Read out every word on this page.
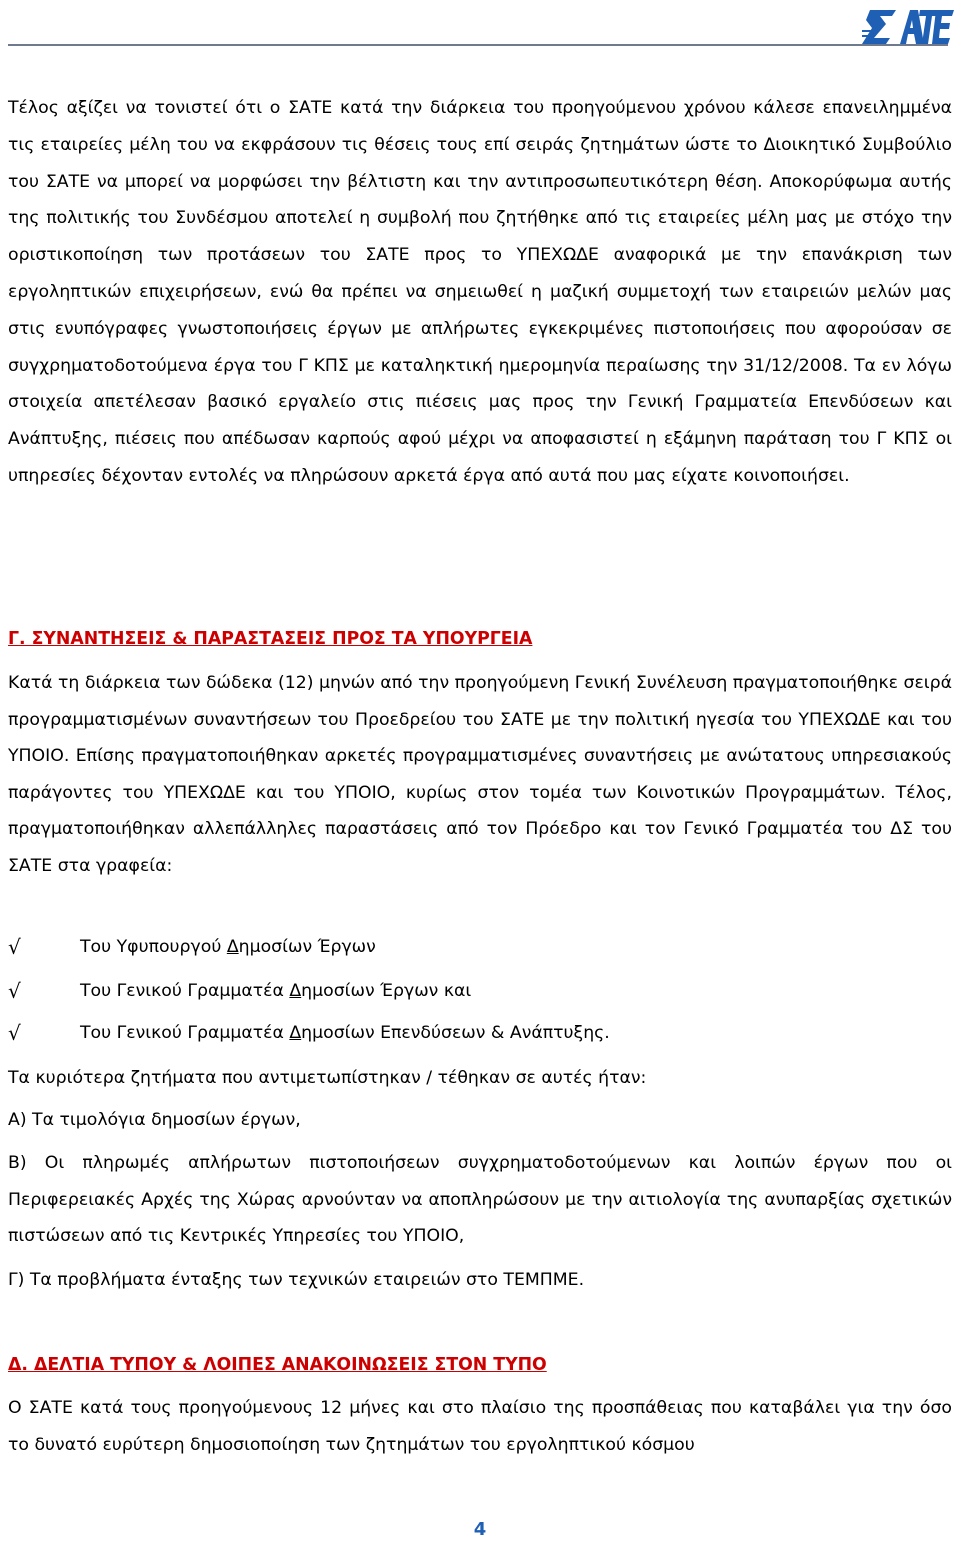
Τέλος αξίζει να τονιστεί ότι ο ΣΑΤΕ κατά την διάρκεια του προηγούμενου χρόνου κάλεσε επανειλημμένα τις εταιρείες μέλη του να εκφράσουν τις θέσεις τους επί σειράς ζητημάτων ώστε το Διοικητικό Συμβούλιο του ΣΑΤΕ να μπορεί να μορφώσει την βέλτιστη και την αντιπροσωπευτικότερη θέση. Αποκορύφωμα αυτής της πολιτικής του Συνδέσμου αποτελεί η συμβολή που ζητήθηκε από τις εταιρείες μέλη μας με στόχο την οριστικοποίηση των προτάσεων του ΣΑΤΕ προς το ΥΠΕΧΩΔΕ αναφορικά με την επανάκριση των εργοληπτικών επιχειρήσεων, ενώ θα πρέπει να σημειωθεί η μαζική συμμετοχή των εταιρειών μελών μας στις ενυπόγραφες γνωστοποιήσεις έργων με απλήρωτες εγκεκριμένες πιστοποιήσεις που αφορούσαν σε συγχρηματοδοτούμενα έργα του Γ ΚΠΣ με καταληκτική ημερομηνία περαίωσης την 31/12/2008. Τα εν λόγω στοιχεία απετέλεσαν βασικό εργαλείο στις πιέσεις μας προς την Γενική Γραμματεία Επενδύσεων και Ανάπτυξης, πιέσεις που απέδωσαν καρπούς αφού μέχρι να αποφασιστεί η εξάμηνη παράταση του Γ ΚΠΣ οι υπηρεσίες δέχονταν εντολές να πληρώσουν αρκετά έργα από αυτά που μας είχατε κοινοποιήσει.

Γ. ΣΥΝΑΝΤΗΣΕΙΣ & ΠΑΡΑΣΤΑΣΕΙΣ ΠΡΟΣ ΤΑ ΥΠΟΥΡΓΕΙΑ

Κατά τη διάρκεια των δώδεκα (12) μηνών από την προηγούμενη Γενική Συνέλευση πραγματοποιήθηκε σειρά προγραμματισμένων συναντήσεων του Προεδρείου του ΣΑΤΕ με την πολιτική ηγεσία του ΥΠΕΧΩΔΕ και του ΥΠΟΙΟ. Επίσης πραγματοποιήθηκαν αρκετές προγραμματισμένες συναντήσεις με ανώτατους υπηρεσιακούς παράγοντες του ΥΠΕΧΩΔΕ και του ΥΠΟΙΟ, κυρίως στον τομέα των Κοινοτικών Προγραμμάτων. Τέλος, πραγματοποιήθηκαν αλλεπάλληλες παραστάσεις από τον Πρόεδρο και τον Γενικό Γραμματέα του ΔΣ του ΣΑΤΕ στα γραφεία:

√	Του Υφυπουργού Δημοσίων Έργων
√	Του Γενικού Γραμματέα Δημοσίων Έργων και
√	Του Γενικού Γραμματέα Δημοσίων Επενδύσεων & Ανάπτυξης.

Τα κυριότερα ζητήματα που αντιμετωπίστηκαν / τέθηκαν σε αυτές ήταν:

Α) Τα τιμολόγια δημοσίων έργων,

Β) Οι πληρωμές απλήρωτων πιστοποιήσεων συγχρηματοδοτούμενων και λοιπών έργων που οι Περιφερειακές Αρχές της Χώρας αρνούνταν να αποπληρώσουν με την αιτιολογία της ανυπαρξίας σχετικών πιστώσεων από τις Κεντρικές Υπηρεσίες του ΥΠΟΙΟ,

Γ) Τα προβλήματα ένταξης των τεχνικών εταιρειών στο ΤΕΜΠΜΕ.

Δ. ΔΕΛΤΙΑ ΤΥΠΟΥ & ΛΟΙΠΕΣ ΑΝΑΚΟΙΝΩΣΕΙΣ ΣΤΟΝ ΤΥΠΟ

Ο ΣΑΤΕ κατά τους προηγούμενους 12 μήνες και στο πλαίσιο της προσπάθειας που καταβάλει για την όσο το δυνατό ευρύτερη δημοσιοποίηση των ζητημάτων του εργοληπτικού κόσμου

4
